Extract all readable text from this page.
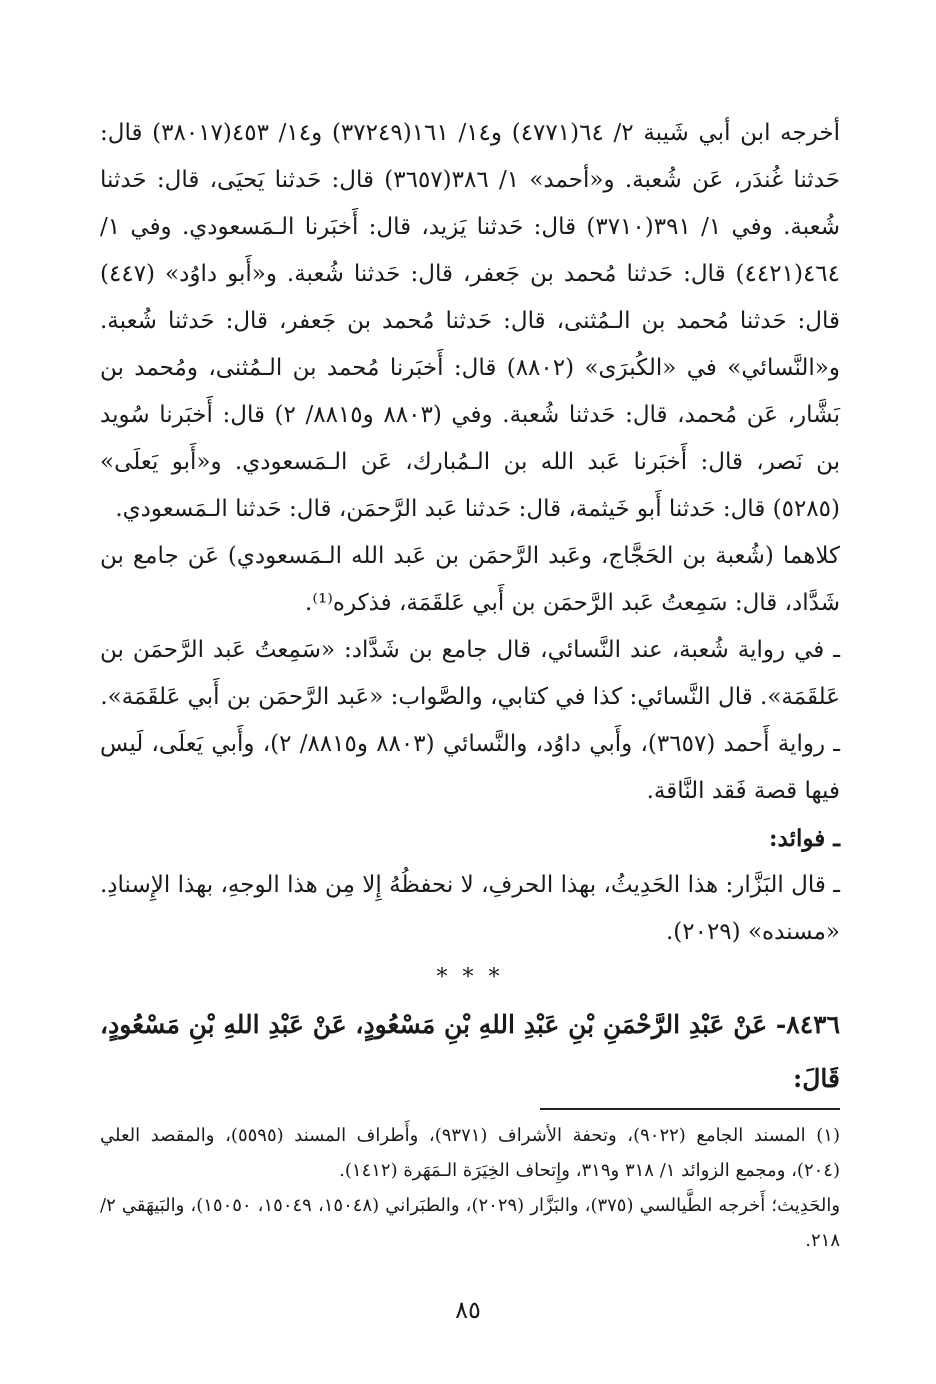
أخرجه ابن أبي شَيبة ٢/ ٦٤(٤٧٧١) و١٤/ ١٦١(٣٧٢٤٩) و١٤/ ٤٥٣(٣٨٠١٧) قال: حَدثنا غُندَر، عَن شُعبة. و«أحمد» ١/ ٣٨٦(٣٦٥٧) قال: حَدثنا يَحيَى، قال: حَدثنا شُعبة. وفي ١/ ٣٩١(٣٧١٠) قال: حَدثنا يَزيد، قال: أَخبَرنا الـمَسعودي. وفي ١/ ٤٦٤(٤٤٢١) قال: حَدثنا مُحمد بن جَعفر، قال: حَدثنا شُعبة. و«أَبو داوُد» (٤٤٧) قال: حَدثنا مُحمد بن الـمُثنى، قال: حَدثنا مُحمد بن جَعفر، قال: حَدثنا شُعبة. و«النَّسائي» في «الكُبرَى» (٨٨٠٢) قال: أَخبَرنا مُحمد بن الـمُثنى، ومُحمد بن بَشَّار، عَن مُحمد، قال: حَدثنا شُعبة. وفي (٨٨٠٣ و٨٨١٥/ ٢) قال: أَخبَرنا سُويد بن نَصر، قال: أَخبَرنا عَبد الله بن الـمُبارك، عَن الـمَسعودي. و«أَبو يَعلَى» (٥٢٨٥) قال: حَدثنا أَبو خَيثمة، قال: حَدثنا عَبد الرَّحمَن، قال: حَدثنا الـمَسعودي.

كلاهما (شُعبة بن الحَجَّاج، وعَبد الرَّحمَن بن عَبد الله الـمَسعودي) عَن جامع بن شَدَّاد، قال: سَمِعتُ عَبد الرَّحمَن بن أَبي عَلقَمَة، فذكره⁽¹⁾.

ـ في رواية شُعبة، عند النَّسائي، قال جامع بن شَدَّاد: «سَمِعتُ عَبد الرَّحمَن بن عَلقَمَة». قال النَّسائي: كذا في كتابي، والصَّواب: «عَبد الرَّحمَن بن أَبي عَلقَمَة».

ـ رواية أَحمد (٣٦٥٧)، وأَبي داوُد، والنَّسائي (٨٨٠٣ و٨٨١٥/ ٢)، وأَبي يَعلَى، لَيس فيها قصة فَقد النَّاقة.

ـ فوائد:

ـ قال البَزَّار: هذا الحَدِيثُ، بهذا الحرفِ، لا نحفظُهُ إِلا مِن هذا الوجهِ، بهذا الإِسنادِ. «مسنده» (٢٠٢٩).

* * *

٨٤٣٦- عَنْ عَبْدِ الرَّحْمَنِ بْنِ عَبْدِ اللهِ بْنِ مَسْعُودٍ، عَنْ عَبْدِ اللهِ بْنِ مَسْعُودٍ، قَالَ:

(١) المسند الجامع (٩٠٢٢)، وتحفة الأشراف (٩٣٧١)، وأَطراف المسند (٥٥٩٥)، والمقصد العلي (٢٠٤)، ومجمع الزوائد ١/ ٣١٨ و٣١٩، وإِتحاف الخِيَرَة الـمَهَرة (١٤١٢).

والحَدِيث؛ أَخرجه الطَّيالسي (٣٧٥)، والبَزَّار (٢٠٢٩)، والطبَراني (١٥٠٤٨، ١٥٠٤٩، ١٥٠٥٠)، والبَيهَقي ٢/ ٢١٨.

٨٥
